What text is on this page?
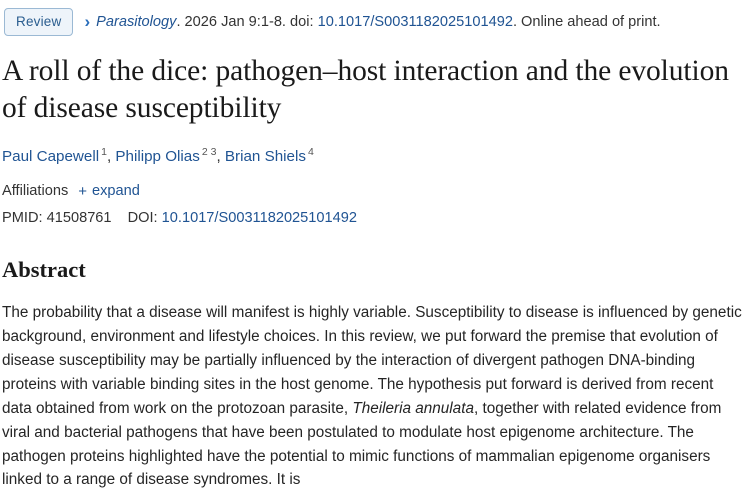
Review	› Parasitology. 2026 Jan 9:1-8. doi: 10.1017/S0031182025101492. Online ahead of print.
A roll of the dice: pathogen–host interaction and the evolution of disease susceptibility
Paul Capewell $^1$, Philipp Olias $^{2 3}$, Brian Shiels $^4$
Affiliations + expand
PMID: 41508761 DOI: 10.1017/S0031182025101492
Abstract
The probability that a disease will manifest is highly variable. Susceptibility to disease is influenced by genetic background, environment and lifestyle choices. In this review, we put forward the premise that evolution of disease susceptibility may be partially influenced by the interaction of divergent pathogen DNA-binding proteins with variable binding sites in the host genome. The hypothesis put forward is derived from recent data obtained from work on the protozoan parasite, Theileria annulata, together with related evidence from viral and bacterial pathogens that have been postulated to modulate host epigenome architecture. The pathogen proteins highlighted have the potential to mimic functions of mammalian epigenome organisers linked to a range of disease syndromes. It is
